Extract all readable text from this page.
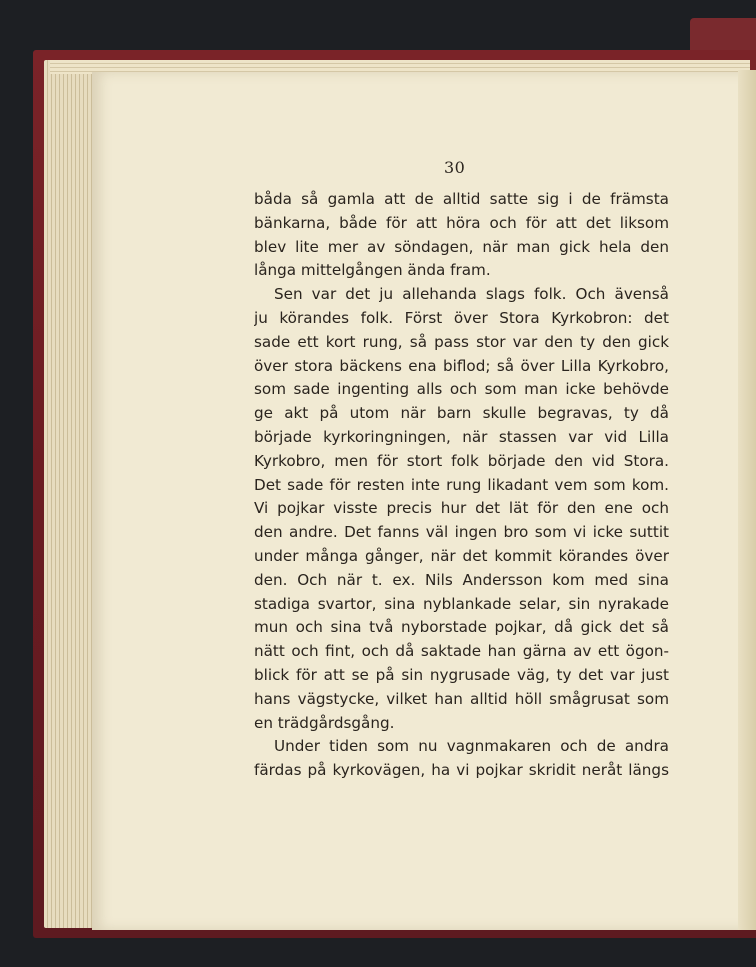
30
båda så gamla att de alltid satte sig i de främsta
bänkarna, både för att höra och för att det liksom
blev lite mer av söndagen, när man gick hela den
långa mittelgången ända fram.
Sen var det ju allehanda slags folk. Och ävenså
ju körandes folk. Först över Stora Kyrkobron: det
sade ett kort rung, så pass stor var den ty den gick
över stora bäckens ena biflod; så över Lilla Kyrkobro,
som sade ingenting alls och som man icke behövde
ge akt på utom när barn skulle begravas, ty då
började kyrkoringningen, när stassen var vid Lilla
Kyrkobro, men för stort folk började den vid Stora.
Det sade för resten inte rung likadant vem som kom.
Vi pojkar visste precis hur det lät för den ene och
den andre. Det fanns väl ingen bro som vi icke suttit
under många gånger, när det kommit körandes över
den. Och när t. ex. Nils Andersson kom med sina
stadiga svartor, sina nyblankade selar, sin nyrakade
mun och sina två nyborstade pojkar, då gick det så
nätt och fint, och då saktade han gärna av ett ögon-
blick för att se på sin nygrusade väg, ty det var just
hans vägstycke, vilket han alltid höll smågrusat som
en trädgårdsgång.
Under tiden som nu vagnmakaren och de andra
färdas på kyrkovägen, ha vi pojkar skridit neråt längs
